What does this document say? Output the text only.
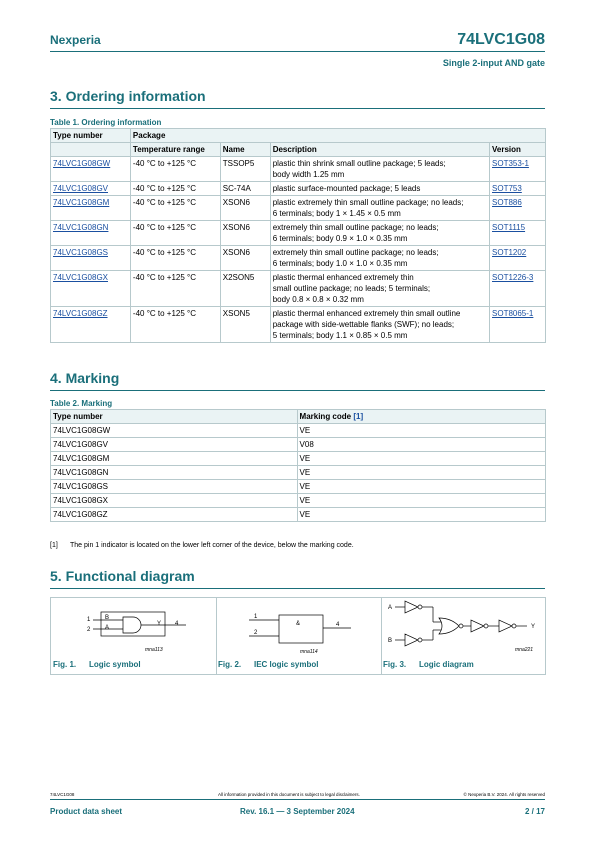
Nexperia	74LVC1G08
Single 2-input AND gate
3. Ordering information
Table 1. Ordering information
Type number	Package			
	Temperature range	Name	Description	Version
74LVC1G08GW	-40 °C to +125 °C	TSSOP5	plastic thin shrink small outline package; 5 leads;
body width 1.25 mm	SOT353-1
74LVC1G08GV	-40 °C to +125 °C	SC-74A	plastic surface-mounted package; 5 leads	SOT753
74LVC1G08GM	-40 °C to +125 °C	XSON6	plastic extremely thin small outline package; no leads;
6 terminals; body 1 × 1.45 × 0.5 mm	SOT886
74LVC1G08GN	-40 °C to +125 °C	XSON6	extremely thin small outline package; no leads;
6 terminals; body 0.9 × 1.0 × 0.35 mm	SOT1115
74LVC1G08GS	-40 °C to +125 °C	XSON6	extremely thin small outline package; no leads;
6 terminals; body 1.0 × 1.0 × 0.35 mm	SOT1202
74LVC1G08GX	-40 °C to +125 °C	X2SON5	plastic thermal enhanced extremely thin
small outline package; no leads; 5 terminals;
body 0.8 × 0.8 × 0.32 mm	SOT1226-3
74LVC1G08GZ	-40 °C to +125 °C	XSON5	plastic thermal enhanced extremely thin small outline
package with side-wettable flanks (SWF); no leads;
5 terminals; body 1.1 × 0.85 × 0.5 mm	SOT8065-1
4. Marking
Table 2. Marking
Type number	Marking code [1]
74LVC1G08GW	VE
74LVC1G08GV	V08
74LVC1G08GM	VE
74LVC1G08GN	VE
74LVC1G08GS	VE
74LVC1G08GX	VE
74LVC1G08GZ	VE
[1] The pin 1 indicator is located on the lower left corner of the device, below the marking code.
5. Functional diagram
1
2
B
A
Y 4
mna113
Fig. 1. Logic symbol
1
2
&	4
mna114
Fig. 2. IEC logic symbol
A
B
Y
mna221
Fig. 3. Logic diagram
74LVC1G08	All information provided in this document is subject to legal disclaimers.	© Nexperia B.V. 2024. All rights reserved
Product data sheet	Rev. 16.1 — 3 September 2024	2 / 17
